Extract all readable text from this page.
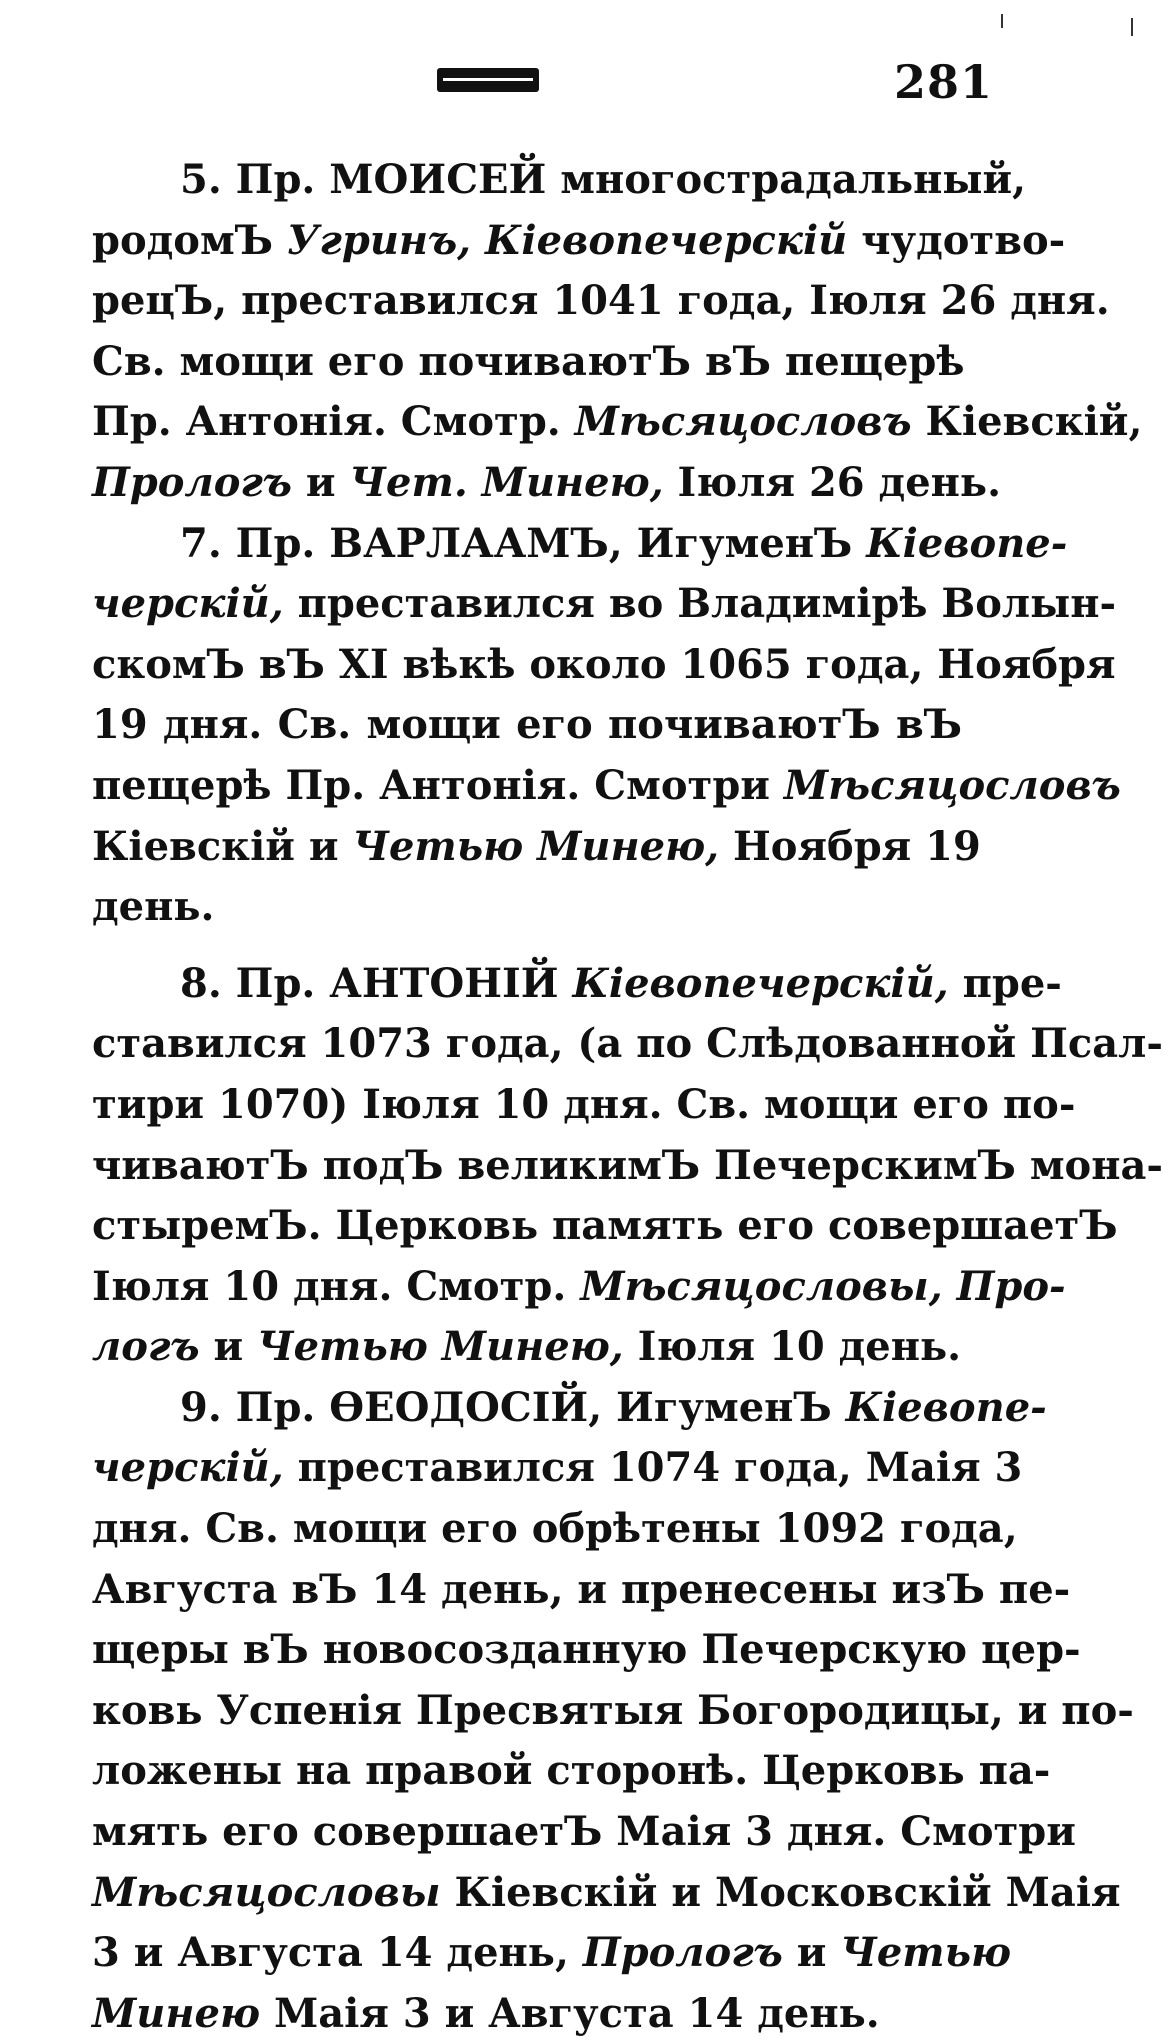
281
5. Пр. МОИСЕЙ многострадальный,
родомЪ Угринъ, Кіевопечерскій чудотво-
рецЪ, преставился 1041 года, Іюля 26 дня.
Св. мощи его почиваютЪ вЪ пещерѣ
Пр. Антонія. Смотр. Мѣсяцословъ Кіевскій,
Прологъ и Чет. Минею, Іюля 26 день.
7. Пр. ВАРЛААМЪ, ИгуменЪ Кіевопе-
черскій, преставился во Владимірѣ Волын-
скомЪ вЪ XI вѣкѣ около 1065 года, Ноября
19 дня. Св. мощи его почиваютЪ вЪ
пещерѣ Пр. Антонія. Смотри Мѣсяцословъ
Кіевскій и Четью Минею, Ноября 19
день.
8. Пр. АНТОНІЙ Кіевопечерскій, пре-
ставился 1073 года, (а по Слѣдованной Псал-
тири 1070) Іюля 10 дня. Св. мощи его по-
чиваютЪ подЪ великимЪ ПечерскимЪ мона-
стыремЪ. Церковь память его совершаетЪ
Іюля 10 дня. Смотр. Мѣсяцословы, Про-
логъ и Четью Минею, Іюля 10 день.
9. Пр. ѲЕОДОСІЙ, ИгуменЪ Кіевопе-
черскій, преставился 1074 года, Маія 3
дня. Св. мощи его обрѣтены 1092 года,
Августа вЪ 14 день, и пренесены изЪ пе-
щеры вЪ новосозданную Печерскую цер-
ковь Успенія Пресвятыя Богородицы, и по-
ложены на правой сторонѣ. Церковь па-
мять его совершаетЪ Маія 3 дня. Смотри
Мѣсяцословы Кіевскій и Московскій Маія
3 и Августа 14 день, Прологъ и Четью
Минею Маія 3 и Августа 14 день.
